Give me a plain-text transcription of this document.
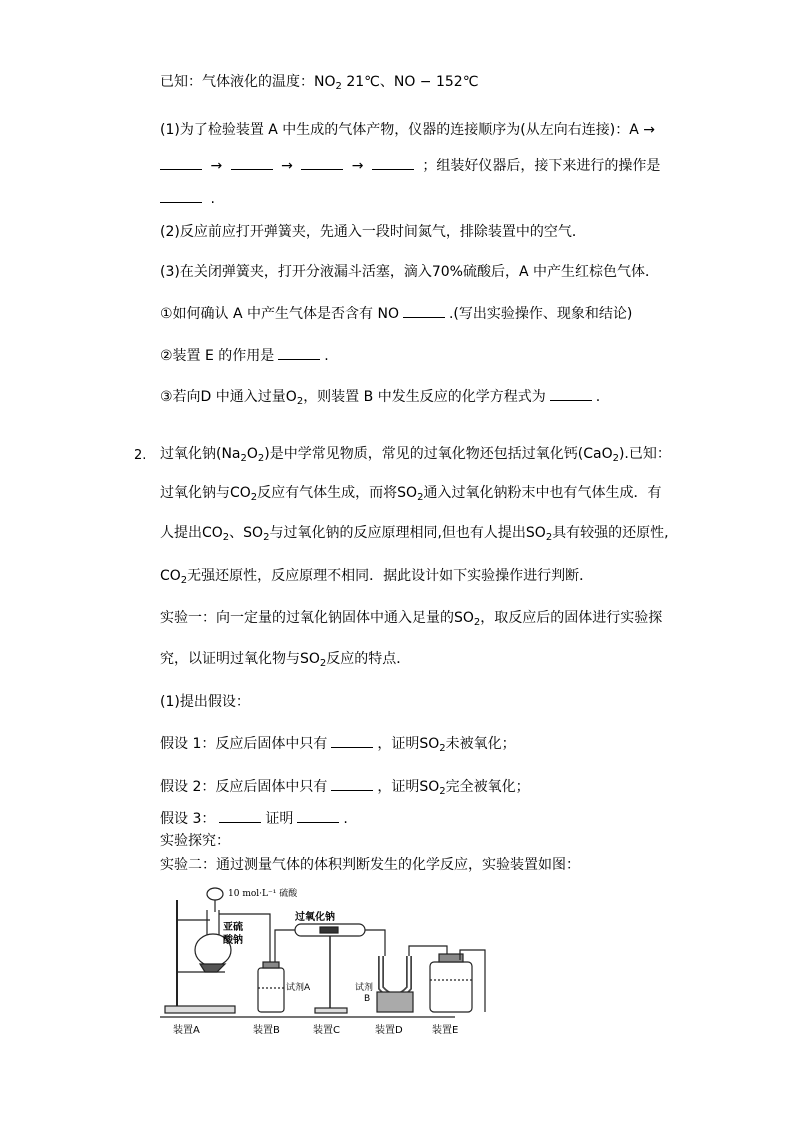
已知：气体液化的温度：$NO_2$ 21℃、NO − 152℃
(1)为了检验装置 A 中生成的气体产物，仪器的连接顺序为(从左向右连接)：A →
→	→	→	；组装好仪器后，接下来进行的操作是
.
(2)反应前应打开弹簧夹，先通入一段时间氮气，排除装置中的空气．
(3)在关闭弹簧夹，打开分液漏斗活塞，滴入70%硫酸后，A 中产生红棕色气体．
①如何确认 A 中产生气体是否含有 NO	.(写出实验操作、现象和结论)
②装置 E 的作用是	.
③若向D 中通入过量$O_2$，则装置 B 中发生反应的化学方程式为	.
2. 过氧化钠$(Na_2O_2)$是中学常见物质，常见的过氧化物还包括过氧化钙(CaO$_2$).已知：
过氧化钠与$CO_2$反应有气体生成，而将$SO_2$通入过氧化钠粉末中也有气体生成．有
人提出$CO_2$、$SO_2$与过氧化钠的反应原理相同,但也有人提出$SO_2$具有较强的还原性,
$CO_2$无强还原性，反应原理不相同．据此设计如下实验操作进行判断．
实验一：向一定量的过氧化钠固体中通入足量的$SO_2$，取反应后的固体进行实验探
究，以证明过氧化物与$SO_2$反应的特点．
(1)提出假设：
假设 1：反应后固体中只有	，证明$SO_2$未被氧化；
假设 2：反应后固体中只有	，证明$SO_2$完全被氧化；
假设 3：	证明	.
实验探究：
实验二：通过测量气体的体积判断发生的化学反应，实验装置如图：
10 mol·L⁻¹ 硫酸
亚硫
酸钠
过氧化钠
试剂A	试剂
B
装置A	装置B	装置C	装置D	装置E
